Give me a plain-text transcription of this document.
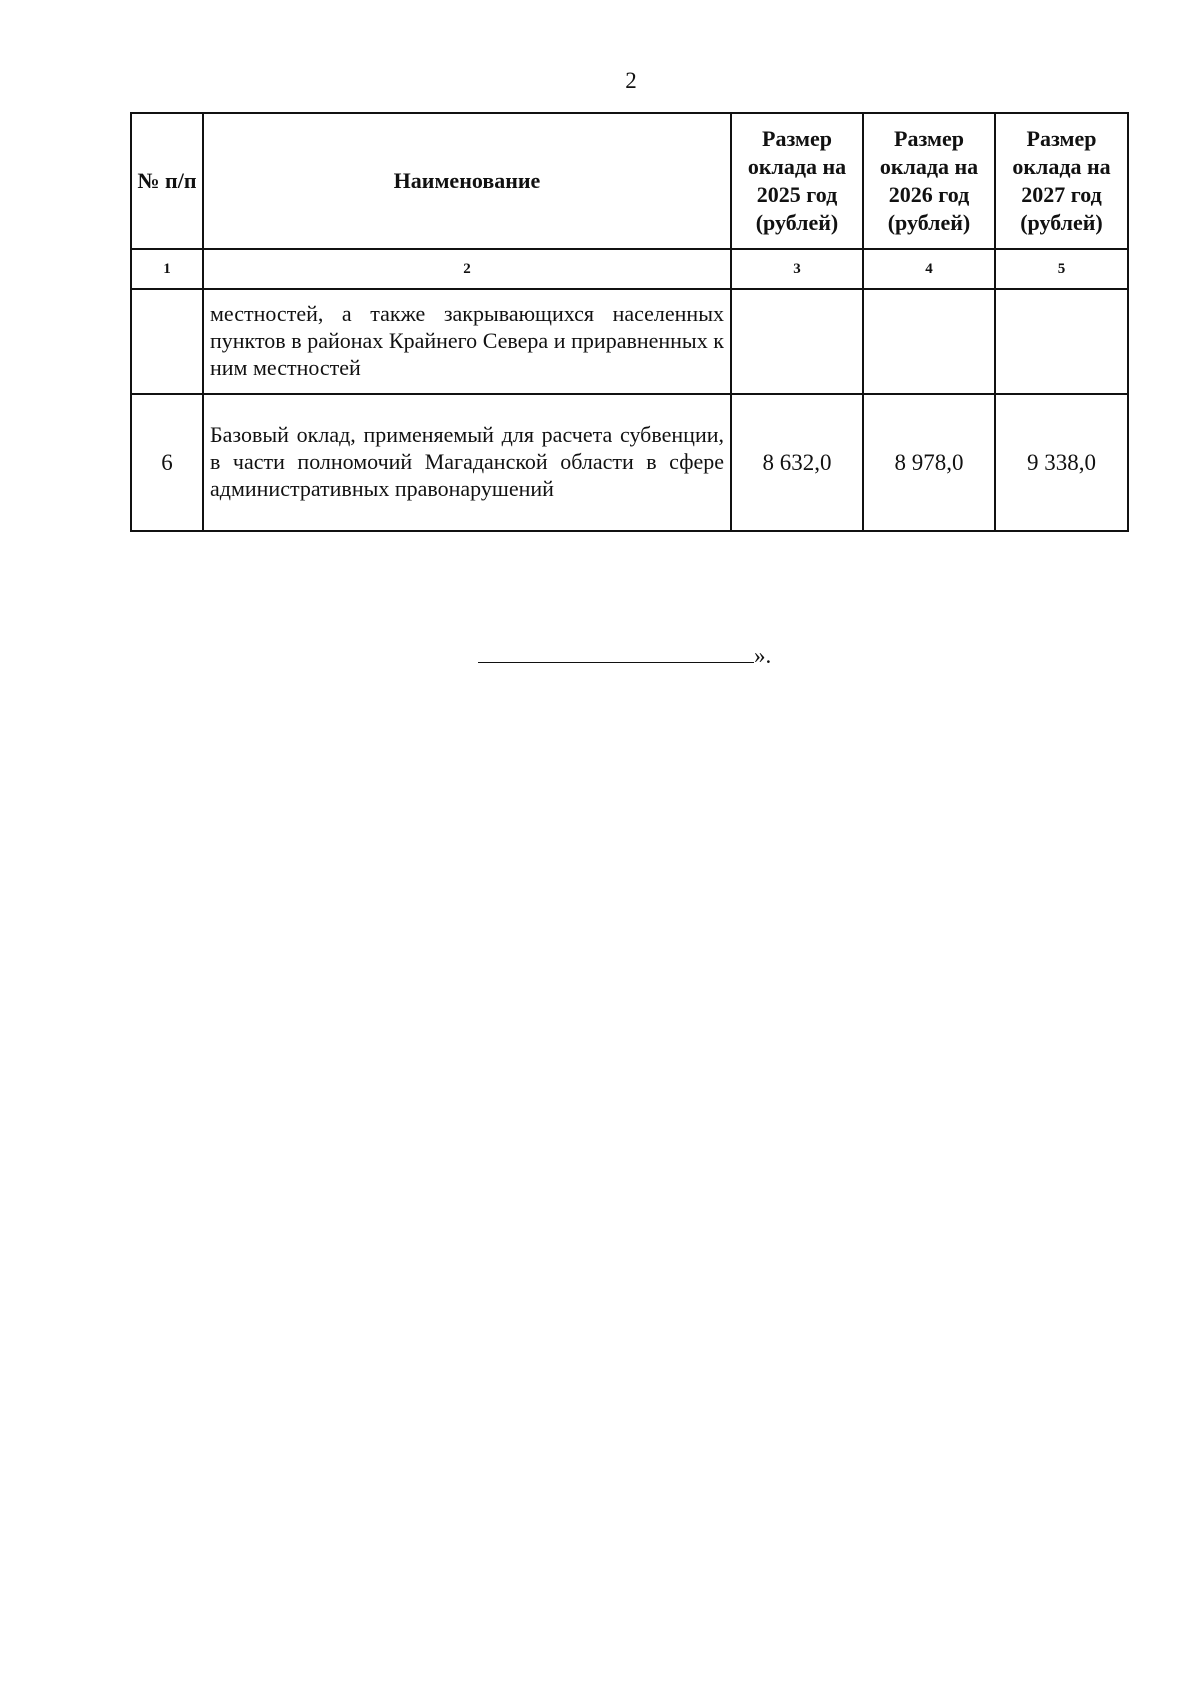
2
№ п/п	Наименование	Размер оклада на 2025 год (рублей)	Размер оклада на 2026 год (рублей)	Размер оклада на 2027 год (рублей)
1	2	3	4	5
	местностей, а также закрывающихся населенных пунктов в районах Крайнего Севера и приравненных к ним местностей			
6	Базовый оклад, применяемый для расчета субвенции, в части полномочий Магаданской области в сфере административных правонарушений	8 632,0	8 978,0	9 338,0
».
